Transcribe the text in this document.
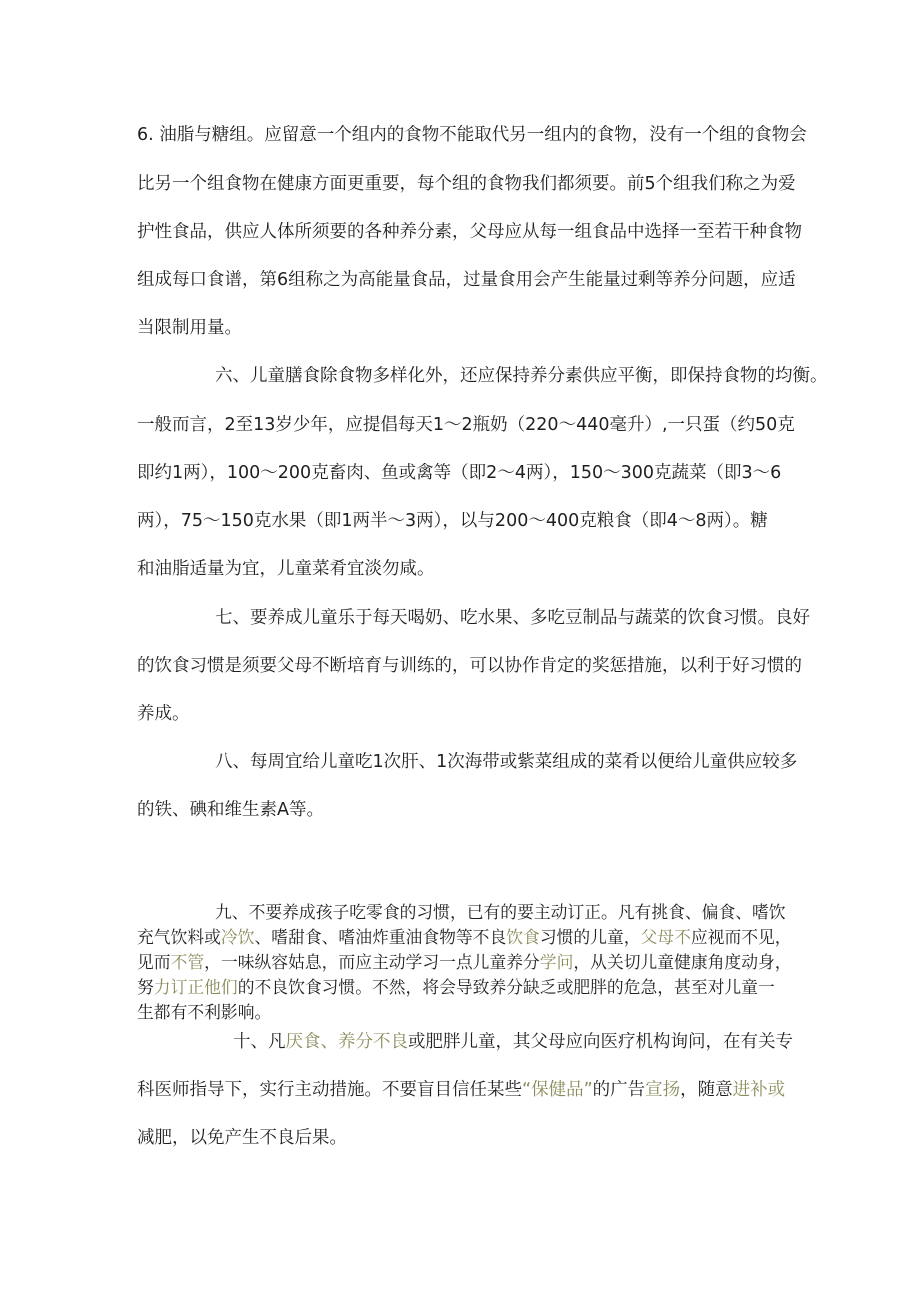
6. 油脂与糖组。应留意一个组内的食物不能取代另一组内的食物，没有一个组的食物会
比另一个组食物在健康方面更重要，每个组的食物我们都须要。前5个组我们称之为爱
护性食品，供应人体所须要的各种养分素，父母应从每一组食品中选择一至若干种食物
组成每口食谱，第6组称之为高能量食品，过量食用会产生能量过剩等养分问题，应适
当限制用量。
六、儿童膳食除食物多样化外，还应保持养分素供应平衡，即保持食物的均衡。
一般而言，2至13岁少年，应提倡每天1～2瓶奶（220～440毫升）,一只蛋（约50克
即约1两），100～200克畜肉、鱼或禽等（即2～4两），150～300克蔬菜（即3～6
两），75～150克水果（即1两半～3两），以与200～400克粮食（即4～8两）。糖
和油脂适量为宜，儿童菜肴宜淡勿咸。
七、要养成儿童乐于每天喝奶、吃水果、多吃豆制品与蔬菜的饮食习惯。良好
的饮食习惯是须要父母不断培育与训练的，可以协作肯定的奖惩措施，以利于好习惯的
养成。
八、每周宜给儿童吃1次肝、1次海带或紫菜组成的菜肴以便给儿童供应较多
的铁、碘和维生素A等。
九、不要养成孩子吃零食的习惯，已有的要主动订正。凡有挑食、偏食、嗜饮
充气饮料或冷饮、嗜甜食、嗜油炸重油食物等不良饮食习惯的儿童，父母不应视而不见，
见而不管，一味纵容姑息，而应主动学习一点儿童养分学问，从关切儿童健康角度动身，
努力订正他们的不良饮食习惯。不然，将会导致养分缺乏或肥胖的危急，甚至对儿童一
生都有不利影响。
十、凡厌食、养分不良或肥胖儿童，其父母应向医疗机构询问，在有关专
科医师指导下，实行主动措施。不要盲目信任某些“保健品”的广告宣扬，随意进补或
减肥，以免产生不良后果。
